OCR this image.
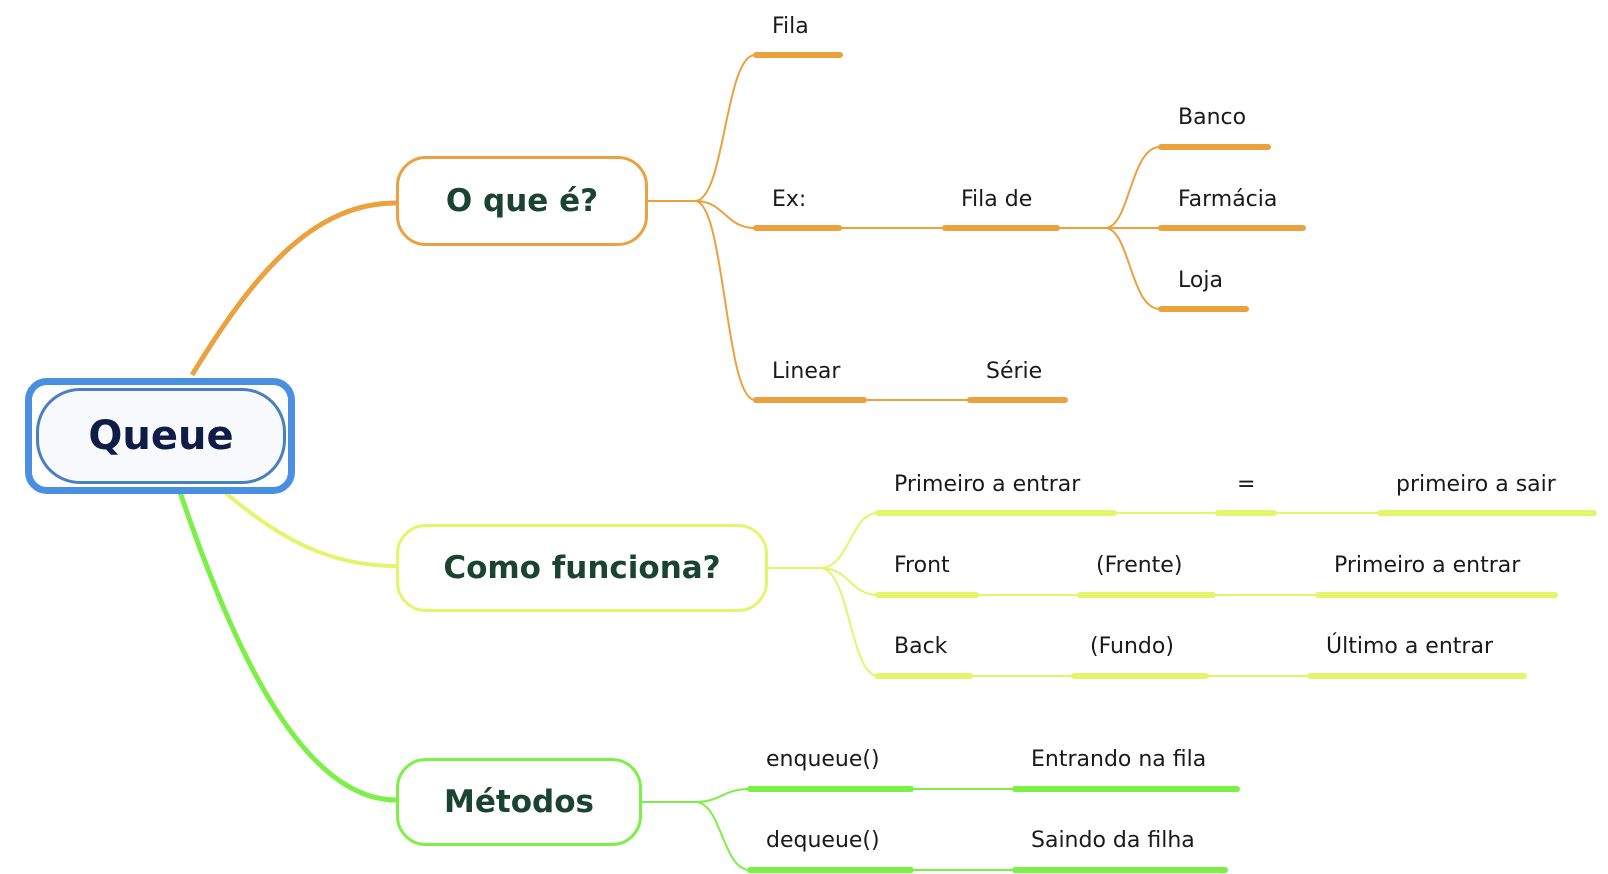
Queue
O que é?
Como funciona?
Métodos
Fila
Ex:	Fila de
Banco
Farmácia
Loja
Linear	Série
Primeiro a entrar	=	primeiro a sair
Front	(Frente)	Primeiro a entrar
Back	(Fundo)	Último a entrar
enqueue()	Entrando na fila
dequeue()	Saindo da filha
